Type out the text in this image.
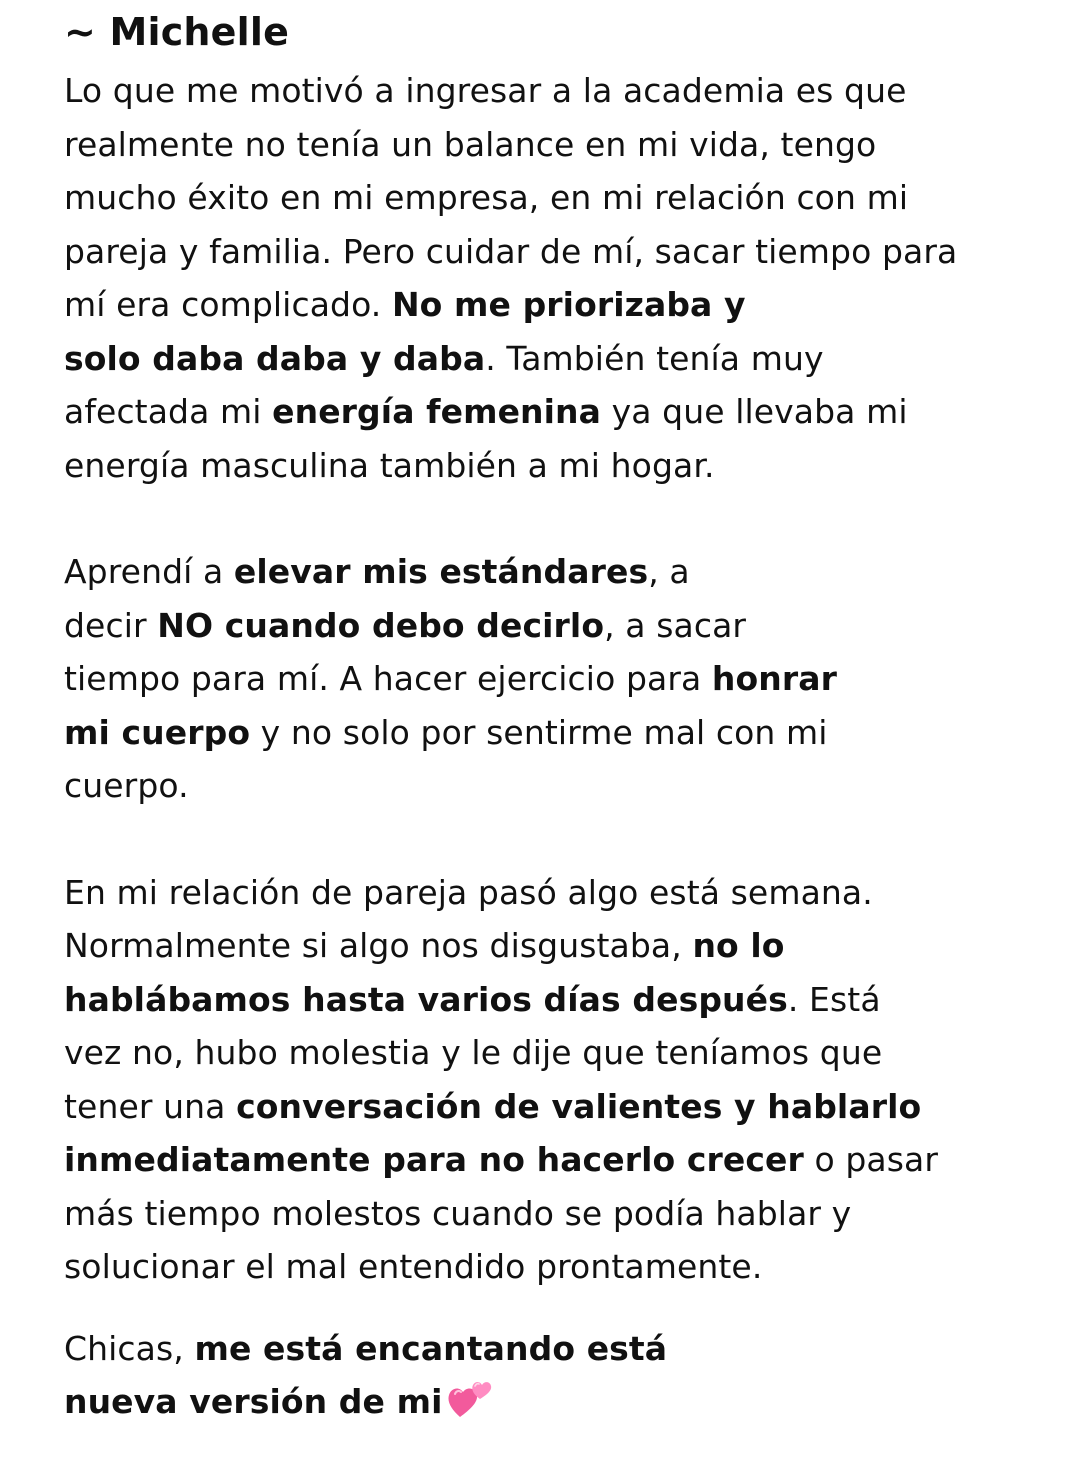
~ Michelle

Lo que me motivó a ingresar a la academia es que
realmente no tenía un balance en mi vida, tengo
mucho éxito en mi empresa, en mi relación con mi
pareja y familia. Pero cuidar de mí, sacar tiempo para
mí era complicado. No me priorizaba y
solo daba daba y daba. También tenía muy
afectada mi energía femenina ya que llevaba mi
energía masculina también a mi hogar.

Aprendí a elevar mis estándares, a
decir NO cuando debo decirlo, a sacar
tiempo para mí. A hacer ejercicio para honrar
mi cuerpo y no solo por sentirme mal con mi
cuerpo.

En mi relación de pareja pasó algo está semana.
Normalmente si algo nos disgustaba, no lo
hablábamos hasta varios días después. Está
vez no, hubo molestia y le dije que teníamos que
tener una conversación de valientes y hablarlo
inmediatamente para no hacerlo crecer o pasar
más tiempo molestos cuando se podía hablar y
solucionar el mal entendido prontamente.

Chicas, me está encantando está
nueva versión de mi
